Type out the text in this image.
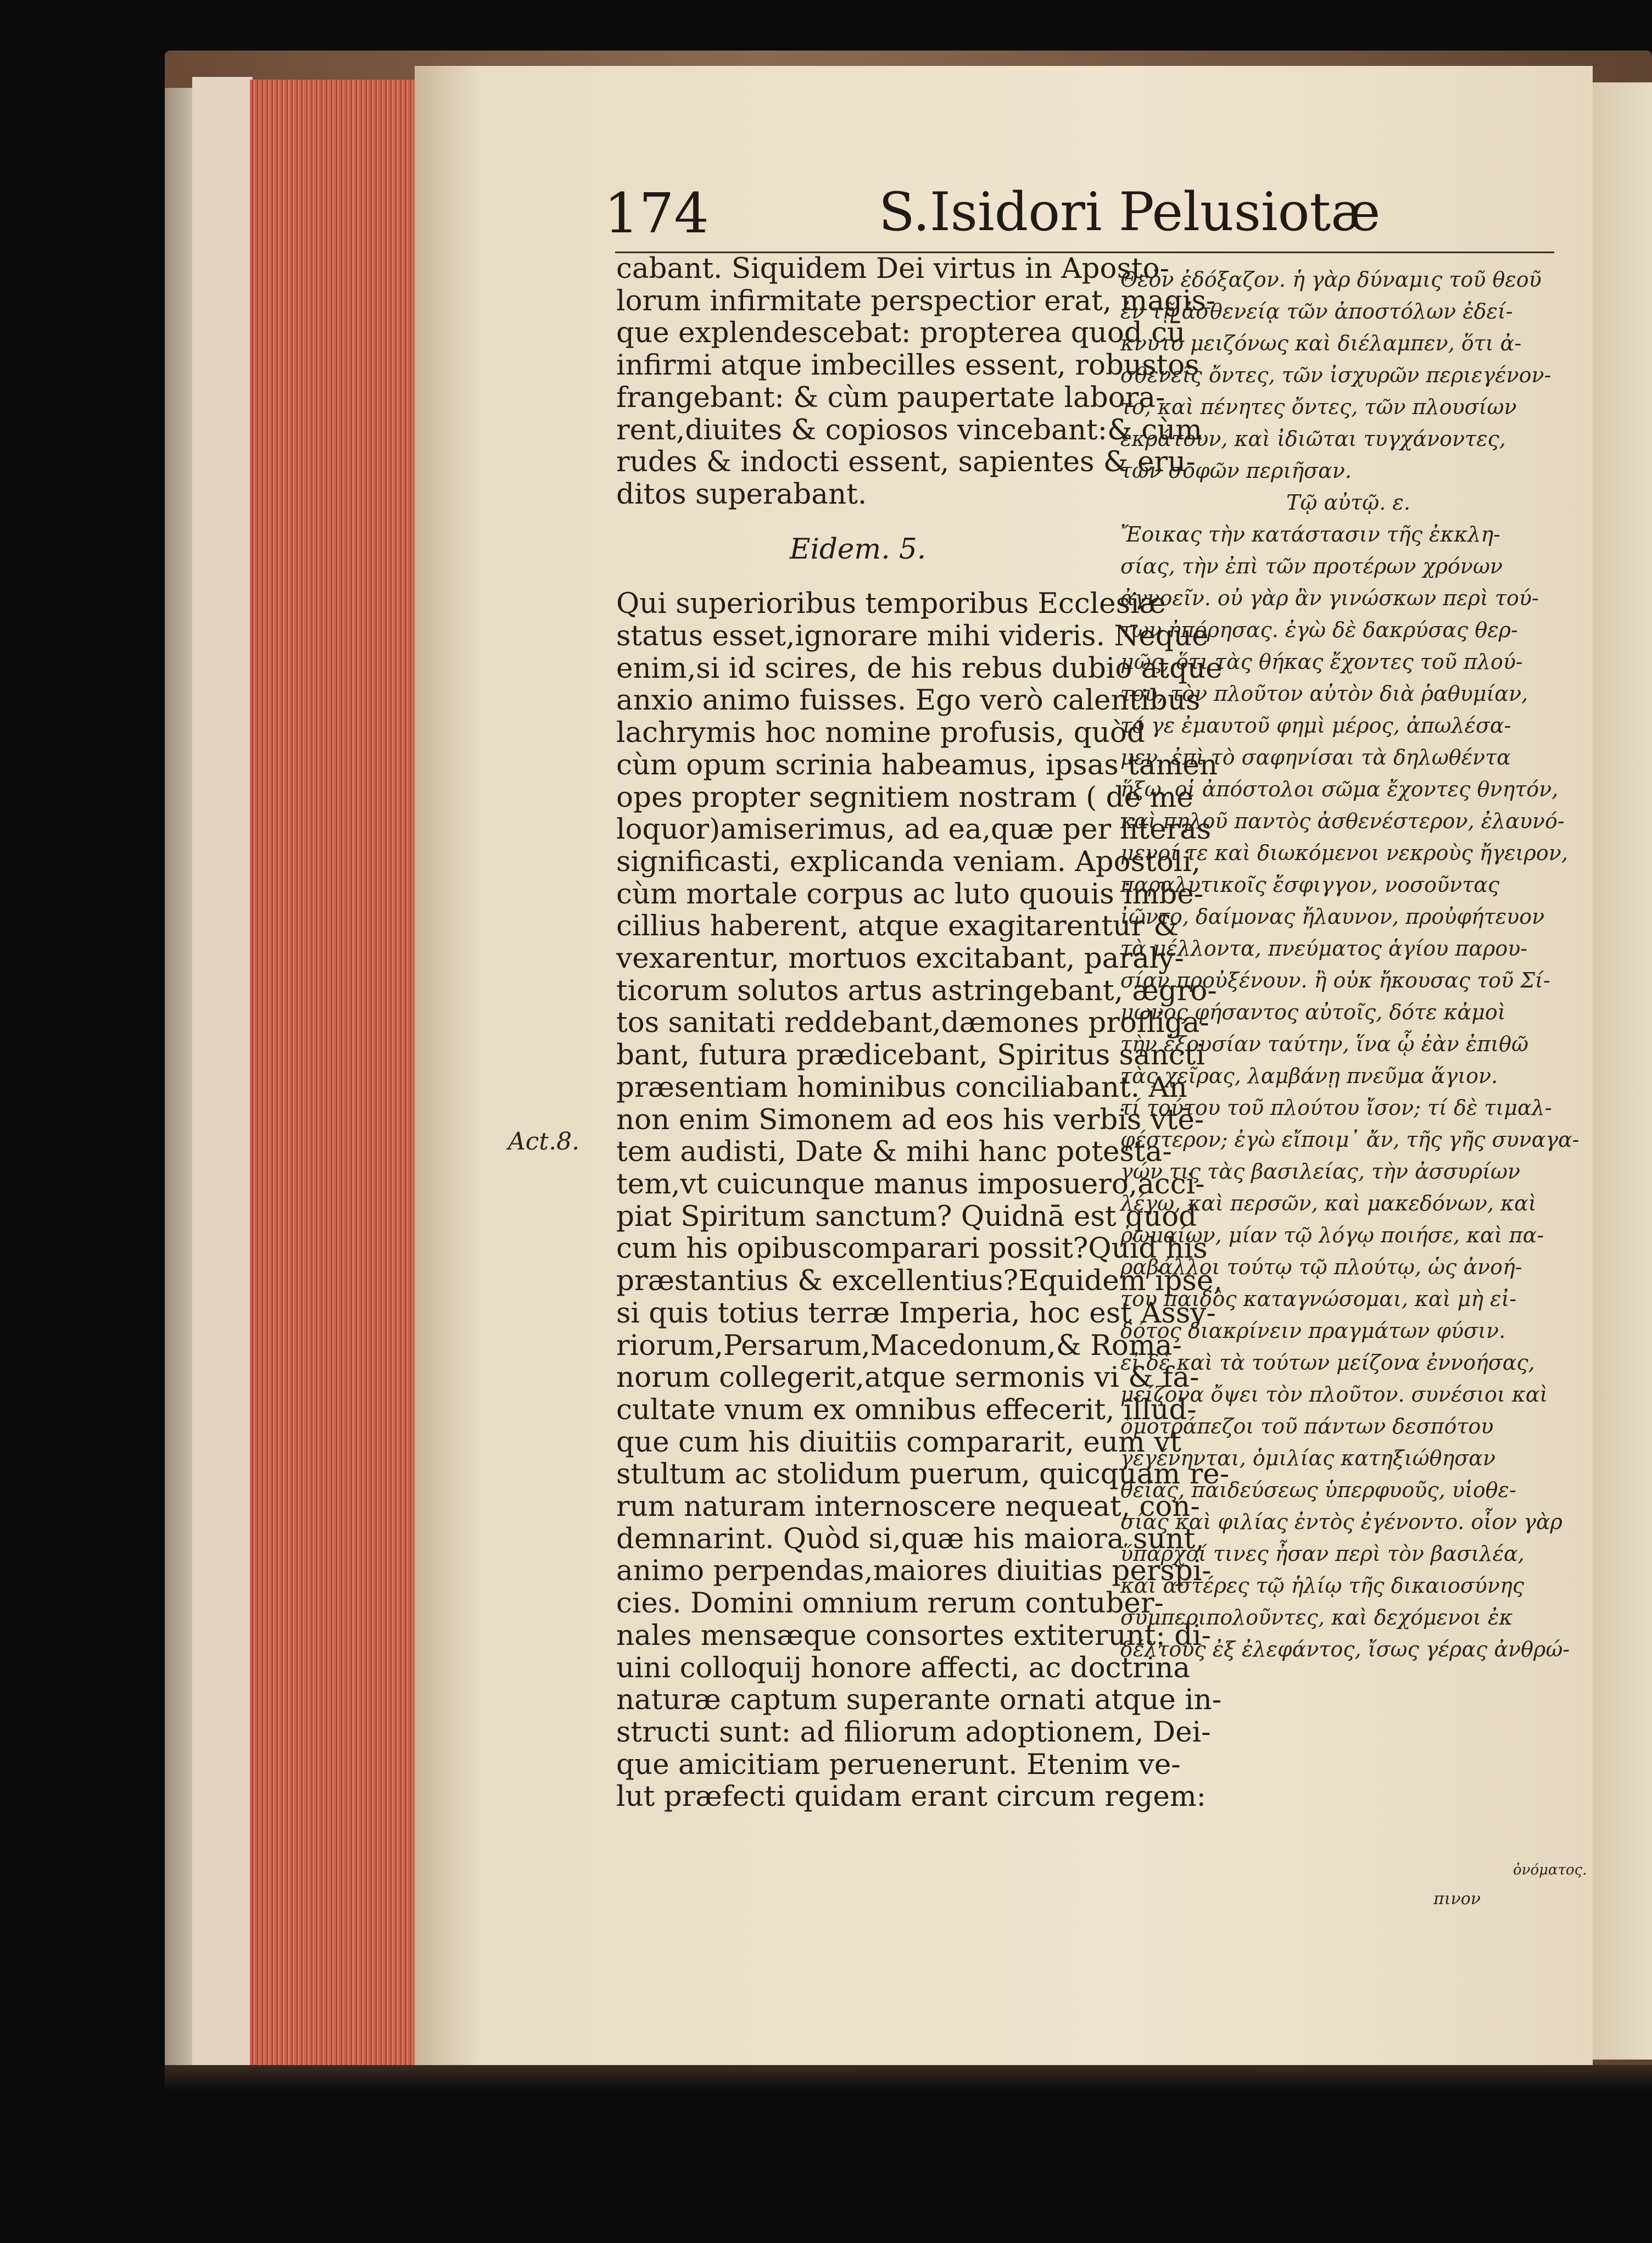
174	S.Isidori Pelusiotæ
Act.8.
cabant. Siquidem Dei virtus in Aposto-
lorum infirmitate perspectior erat, magis-
que explendescebat: propterea quod cū
infirmi atque imbecilles essent, robustos
frangebant: & cùm paupertate labora-
rent,diuites & copiosos vincebant:& cùm
rudes & indocti essent, sapientes & eru-
ditos superabant.
Eidem. 5.
Qui superioribus temporibus Ecclesiæ
status esset,ignorare mihi videris. Neque
enim,si id scires, de his rebus dubio atque
anxio animo fuisses. Ego verò calentibus
lachrymis hoc nomine profusis, quòd
cùm opum scrinia habeamus, ipsas tamen
opes propter segnitiem nostram ( de me
loquor)amiserimus, ad ea,quæ per literas
significasti, explicanda veniam. Apostoli,
cùm mortale corpus ac luto quouis imbe-
cillius haberent, atque exagitarentur &
vexarentur, mortuos excitabant, paraly-
ticorum solutos artus astringebant, ægro-
tos sanitati reddebant,dæmones profliga-
bant, futura prædicebant, Spiritus sancti
præsentiam hominibus conciliabant. An
non enim Simonem ad eos his verbis vtē-
tem audisti, Date & mihi hanc potesta-
tem,vt cuicunque manus imposuero,acci-
piat Spiritum sanctum? Quidnā est quod
cum his opibuscomparari possit?Quid his
præstantius & excellentius?Equidem ipse,
si quis totius terræ Imperia, hoc est Assy-
riorum,Persarum,Macedonum,& Roma-
norum collegerit,atque sermonis vi & fa-
cultate vnum ex omnibus effecerit, illúd-
que cum his diuitiis compararit, eum vt
stultum ac stolidum puerum, quicquam re-
rum naturam internoscere nequeat, con-
demnarint. Quòd si,quæ his maiora sunt,
animo perpendas,maiores diuitias perspi-
cies. Domini omnium rerum contuber-
nales mensæque consortes extiterunt: di-
uini colloquij honore affecti, ac doctrina
naturæ captum superante ornati atque in-
structi sunt: ad filiorum adoptionem, Dei-
que amicitiam peruenerunt. Etenim ve-
lut præfecti quidam erant circum regem:
Θεὸν ἐδόξαζον. ἡ γὰρ δύναμις τοῦ θεοῦ
ἐν τῇ ἀσθενείᾳ τῶν ἀποστόλων ἐδεί-
κνυτο μειζόνως καὶ διέλαμπεν, ὅτι ἀ-
σθενεῖς ὄντες, τῶν ἰσχυρῶν περιεγένον-
το, καὶ πένητες ὄντες, τῶν πλουσίων
ἐκράτουν, καὶ ἰδιῶται τυγχάνοντες,
τῶν σοφῶν περιῆσαν.
Τῷ αὐτῷ. ε.
Ἔοικας τὴν κατάστασιν τῆς ἐκκλη-
σίας, τὴν ἐπὶ τῶν προτέρων χρόνων
ἀγνοεῖν. οὐ γὰρ ἂν γινώσκων περὶ τού-
των ἠπόρησας. ἐγὼ δὲ δακρύσας θερ-
μῶς, ὅτι τὰς θήκας ἔχοντες τοῦ πλού-
του, τὸν πλοῦτον αὐτὸν διὰ ῥαθυμίαν,
τό γε ἐμαυτοῦ φημὶ μέρος, ἀπωλέσα-
μεν, ἐπὶ τὸ σαφηνίσαι τὰ δηλωθέντα
ἥξω. οἱ ἀπόστολοι σῶμα ἔχοντες θνητόν,
καὶ πηλοῦ παντὸς ἀσθενέστερον, ἐλαυνό-
μενοί τε καὶ διωκόμενοι νεκροὺς ἤγειρον,
παραλυτικοῖς ἔσφιγγον, νοσοῦντας
ἰῶντο, δαίμονας ἤλαυνον, προὐφήτευον
τὰ μέλλοντα, πνεύματος ἁγίου παρου-
σίαν προὐξένουν. ἢ οὐκ ἤκουσας τοῦ Σί-
μωνος φήσαντος αὐτοῖς, δότε κἀμοὶ
τὴν ἐξουσίαν ταύτην, ἵνα ᾧ ἐὰν ἐπιθῶ
τὰς χεῖρας, λαμβάνῃ πνεῦμα ἅγιον.
τί τούτου τοῦ πλούτου ἴσον; τί δὲ τιμαλ-
φέστερον; ἐγὼ εἴποιμ᾽ ἄν, τῆς γῆς συναγα-
γών τις τὰς βασιλείας, τὴν ἀσσυρίων
λέγω, καὶ περσῶν, καὶ μακεδόνων, καὶ
ῥωμαίων, μίαν τῷ λόγῳ ποιήσε, καὶ πα-
ραβάλλοι τούτῳ τῷ πλούτῳ, ὡς ἀνοή-
του παιδὸς καταγνώσομαι, καὶ μὴ εἰ-
δότος διακρίνειν πραγμάτων φύσιν.
εἰ δὲ καὶ τὰ τούτων μείζονα ἐννοήσας,
μείζονα ὄψει τὸν πλοῦτον. συνέσιοι καὶ
ὁμοτράπεζοι τοῦ πάντων δεσπότου
γεγένηνται, ὁμιλίας κατηξιώθησαν
θείας, παιδεύσεως ὑπερφυοῦς, υἱοθε-
σίας καὶ φιλίας ἐντὸς ἐγένοντο. οἷον γὰρ
ὕπαρχοί τινες ἦσαν περὶ τὸν βασιλέα,
καὶ ἀστέρες τῷ ἡλίῳ τῆς δικαιοσύνης
συμπεριπολοῦντες, καὶ δεχόμενοι ἐκ
δέλτους ἐξ ἐλεφάντος, ἴσως γέρας ἀνθρώ-
ὀνόματος.
πινον
